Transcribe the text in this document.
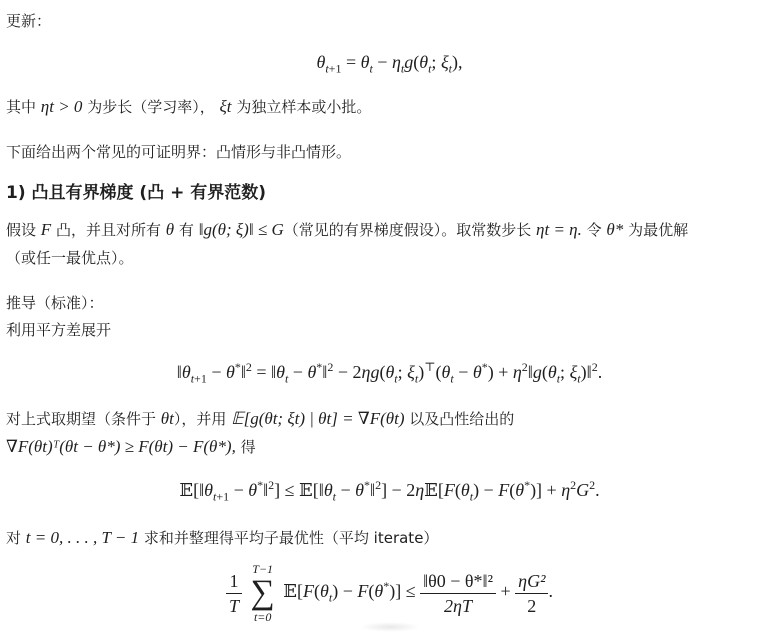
更新：
$\theta_{t+1} = \theta_t - \eta_tg(\theta_t$; $\xi_t$),
其中 ηt > 0 为步长（学习率）， ξt 为独立样本或小批。
下面给出两个常见的可证明界：凸情形与非凸情形。
1) 凸且有界梯度 (凸 + 有界范数)
假设 F 凸，并且对所有 θ 有 ‖g(θ; ξ)‖ ≤ G（常见的有界梯度假设）。取常数步长 ηt = η. 令 θ* 为最优解
（或任一最优点）。
推导（标准）：
利用平方差展开
$‖\theta_{t+1}$ − θ*‖$^2$ = $‖\theta_t$ − θ*‖$^2$ − $2\eta g(\theta_t$; $\xi_t)^⊤(\theta_t - \theta^*)$ + $\eta^2‖g(\theta_t$; $\xi_t)‖^2$.
对上式取期望（条件于 θt），并用 𝔼[g(θt; ξt) | θt] = ∇F(θt) 以及凸性给出的
∇F(θt)ᵀ(θt − θ*) ≥ F(θt) − F(θ*), 得
$𝔼[‖\theta_{t+1}$ − θ*‖$^2$] ≤ $𝔼[‖\theta_t$ − θ*‖$^2$] − $2\eta 𝔼[F(\theta_t) - F(\theta^*)] + \eta^2G^2$.
对 t = 0, . . . , T − 1 求和并整理得平均子最优性（平均 iterate）
$\frac{1}{T}$
T−1
∑
t=0
$𝔼[F(\theta_t) - F(\theta^*)] \le \frac{\text{‖θ0 − θ*‖²}}{2\eta T} + \frac{\text{ηG²}}{2}$ .
